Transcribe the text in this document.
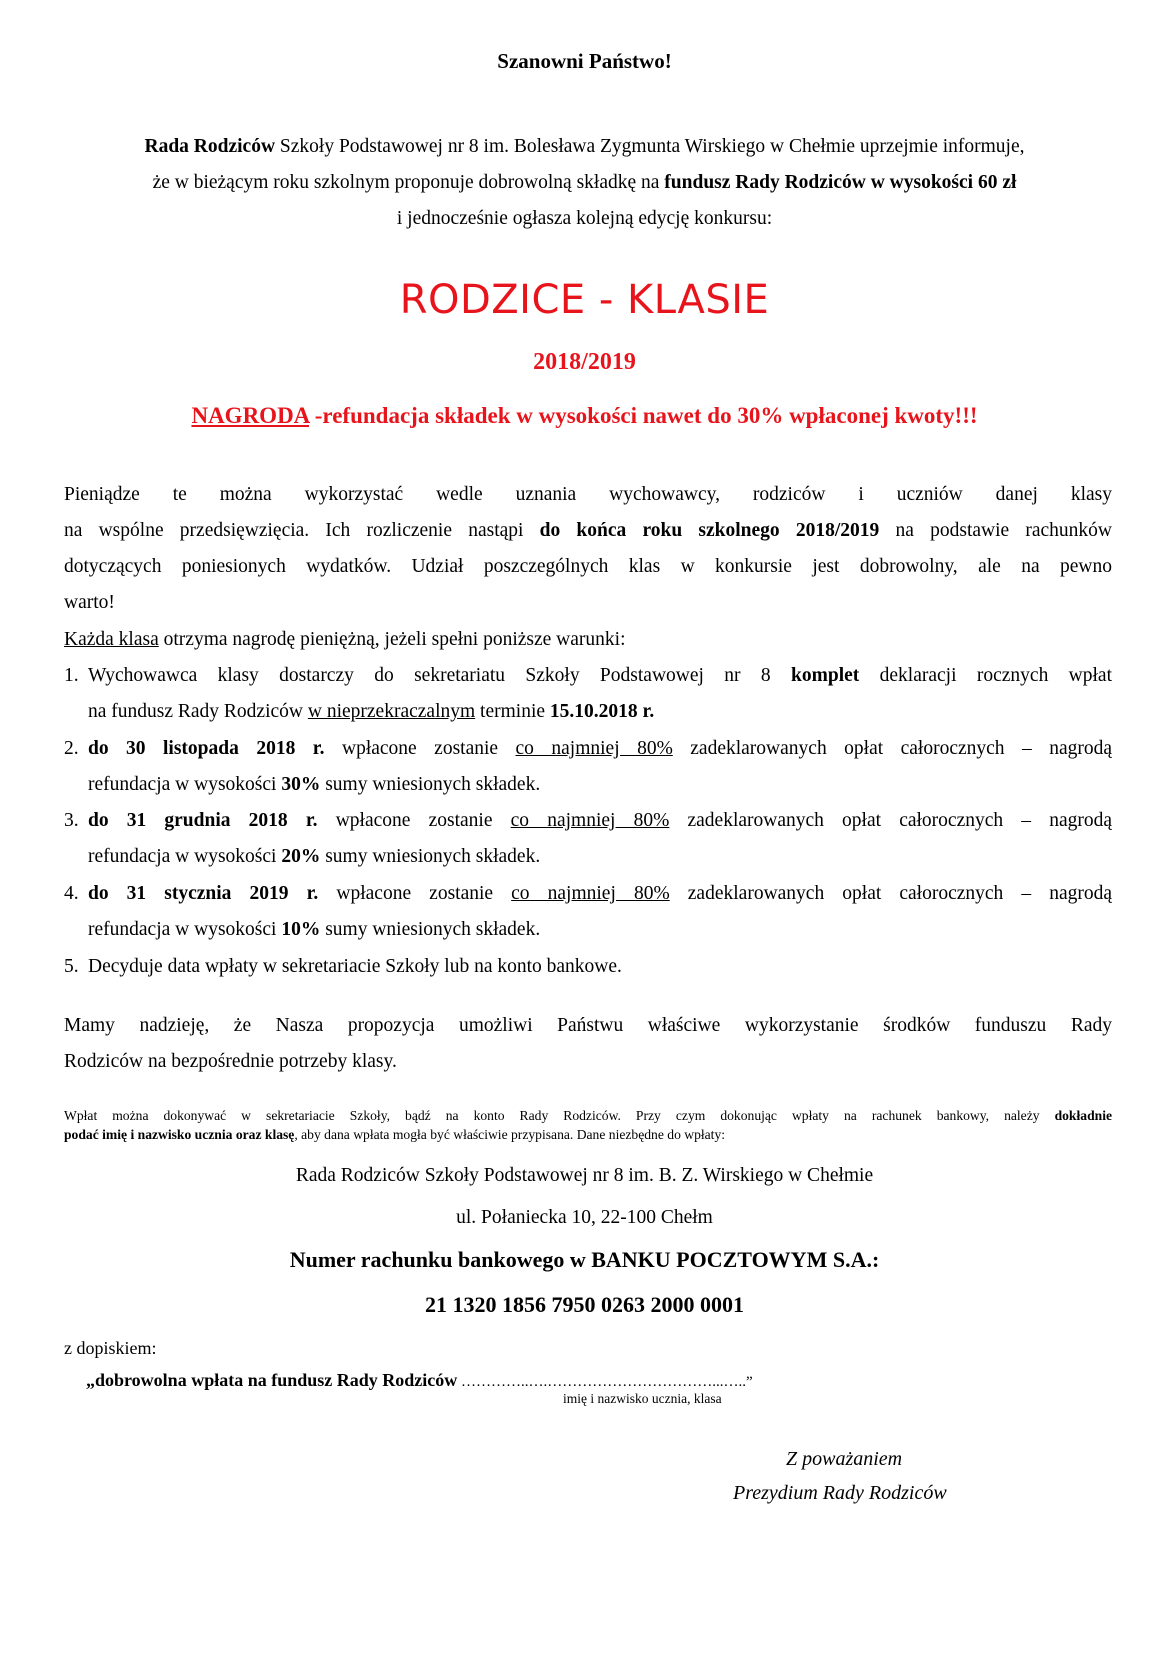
Szanowni Państwo!
Rada Rodziców Szkoły Podstawowej nr 8 im. Bolesława Zygmunta Wirskiego w Chełmie uprzejmie informuje,
że w bieżącym roku szkolnym proponuje dobrowolną składkę na fundusz Rady Rodziców w wysokości 60 zł
i jednocześnie ogłasza kolejną edycję konkursu:
RODZICE - KLASIE
2018/2019
NAGRODA -refundacja składek w wysokości nawet do 30% wpłaconej kwoty!!!
Pieniądze te można wykorzystać wedle uznania wychowawcy, rodziców i uczniów danej klasy
na wspólne przedsięwzięcia. Ich rozliczenie nastąpi do końca roku szkolnego 2018/2019 na podstawie rachunków
dotyczących poniesionych wydatków. Udział poszczególnych klas w konkursie jest dobrowolny, ale na pewno
warto!
Każda klasa otrzyma nagrodę pieniężną, jeżeli spełni poniższe warunki:
1. Wychowawca klasy dostarczy do sekretariatu Szkoły Podstawowej nr 8 komplet deklaracji rocznych wpłat
na fundusz Rady Rodziców w nieprzekraczalnym terminie 15.10.2018 r.
2. do 30 listopada 2018 r. wpłacone zostanie co najmniej 80% zadeklarowanych opłat całorocznych – nagrodą
refundacja w wysokości 30% sumy wniesionych składek.
3. do 31 grudnia 2018 r. wpłacone zostanie co najmniej 80% zadeklarowanych opłat całorocznych – nagrodą
refundacja w wysokości 20% sumy wniesionych składek.
4. do 31 stycznia 2019 r. wpłacone zostanie co najmniej 80% zadeklarowanych opłat całorocznych – nagrodą
refundacja w wysokości 10% sumy wniesionych składek.
5. Decyduje data wpłaty w sekretariacie Szkoły lub na konto bankowe.
Mamy nadzieję, że Nasza propozycja umożliwi Państwu właściwe wykorzystanie środków funduszu Rady
Rodziców na bezpośrednie potrzeby klasy.
Wpłat można dokonywać w sekretariacie Szkoły, bądź na konto Rady Rodziców. Przy czym dokonując wpłaty na rachunek bankowy, należy dokładnie
podać imię i nazwisko ucznia oraz klasę, aby dana wpłata mogła być właściwie przypisana. Dane niezbędne do wpłaty:
Rada Rodziców Szkoły Podstawowej nr 8 im. B. Z. Wirskiego w Chełmie
ul. Połaniecka 10, 22-100 Chełm
Numer rachunku bankowego w BANKU POCZTOWYM S.A.:
21 1320 1856 7950 0263 2000 0001
z dopiskiem:
„dobrowolna wpłata na fundusz Rady Rodziców …………..….……………………………...…..”
imię i nazwisko ucznia, klasa
Z poważaniem
Prezydium Rady Rodziców
